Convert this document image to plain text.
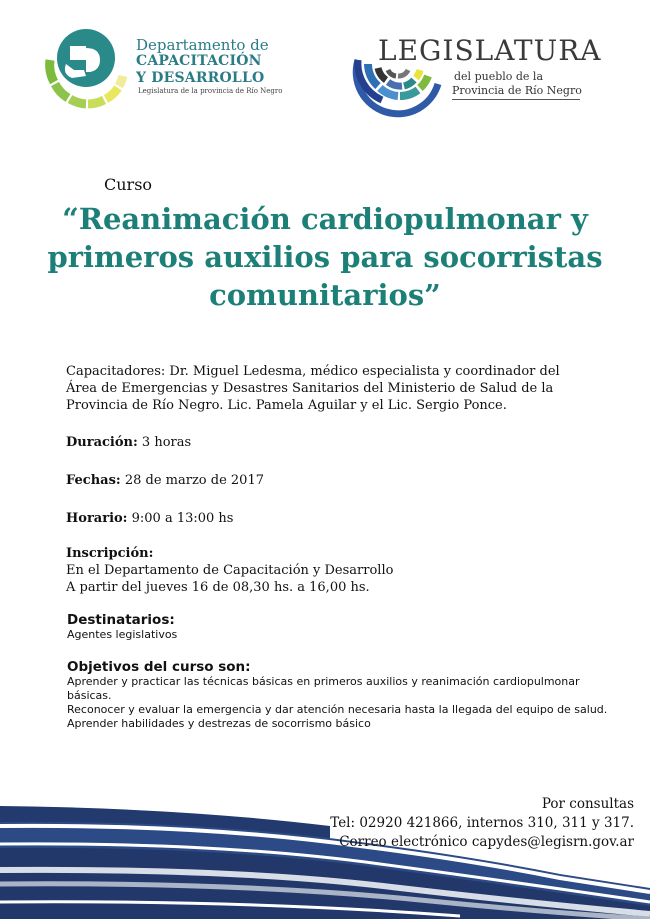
Departamento de
CAPACITACIÓN
Y DESARROLLO
Legislatura de la provincia de Río Negro
LEGISLATURA
del pueblo de la
Provincia de Río Negro
Curso
“Reanimación cardiopulmonar y primeros auxilios para socorristas comunitarios”
Capacitadores: Dr. Miguel Ledesma, médico especialista y coordinador del Área de Emergencias y Desastres Sanitarios del Ministerio de Salud de la Provincia de Río Negro. Lic. Pamela Aguilar y el Lic. Sergio Ponce.
Duración: 3 horas
Fechas: 28 de marzo de 2017
Horario: 9:00 a 13:00 hs
Inscripción:
En el Departamento de Capacitación y Desarrollo
A partir del jueves 16 de 08,30 hs. a 16,00 hs.
Destinatarios:
Agentes legislativos
Objetivos del curso son:
Aprender y practicar las técnicas básicas en primeros auxilios y reanimación cardiopulmonar básicas.
Reconocer y evaluar la emergencia y dar atención necesaria hasta la llegada del equipo de salud.
Aprender habilidades y destrezas de socorrismo básico
Por consultas
Tel: 02920 421866, internos 310, 311 y 317.
Correo electrónico capydes@legisrn.gov.ar
